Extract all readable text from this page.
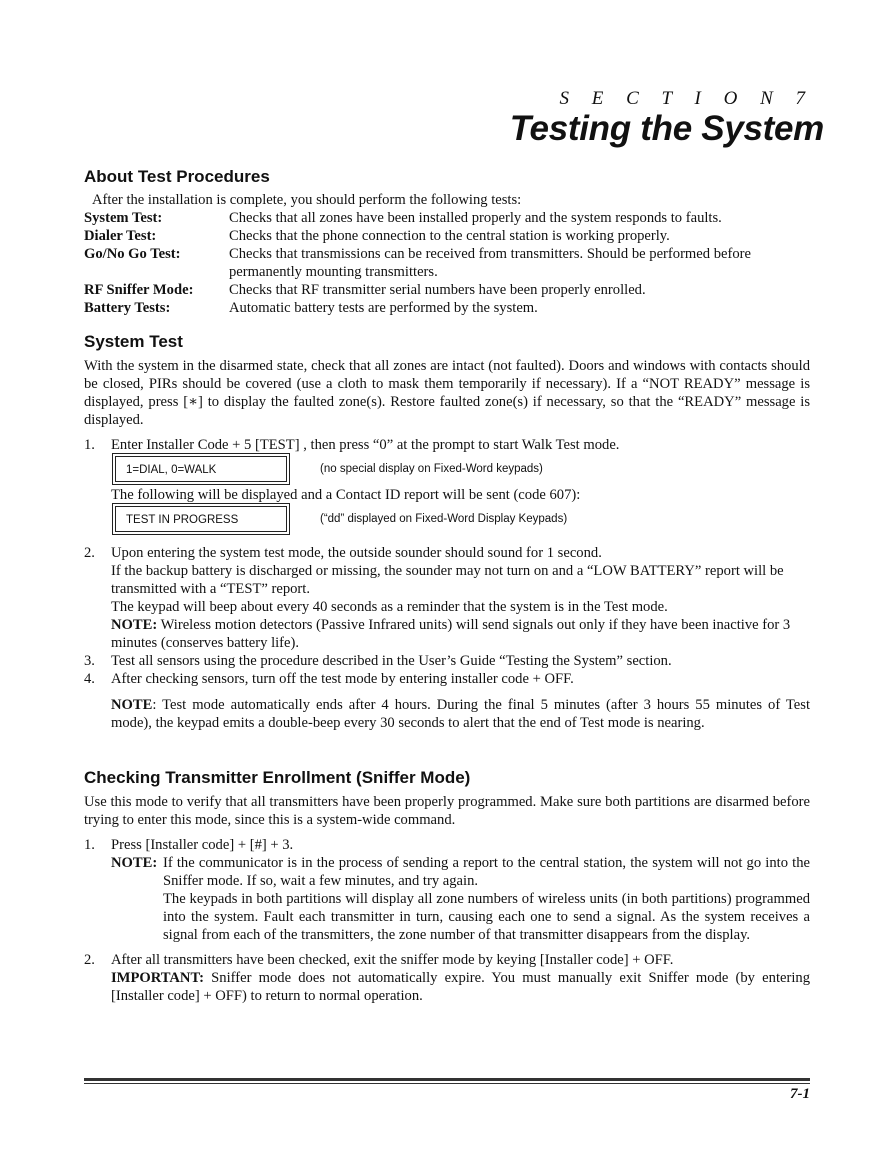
S E C T I O N 7
Testing the System
About Test Procedures

After the installation is complete, you should perform the following tests:

System Test:	Checks that all zones have been installed properly and the system responds to faults.
Dialer Test:	Checks that the phone connection to the central station is working properly.
Go/No Go Test:	Checks that transmissions can be received from transmitters. Should be performed before permanently mounting transmitters.
RF Sniffer Mode:	Checks that RF transmitter serial numbers have been properly enrolled.
Battery Tests:	Automatic battery tests are performed by the system.
System Test

With the system in the disarmed state, check that all zones are intact (not faulted). Doors and windows with contacts should be closed, PIRs should be covered (use a cloth to mask them temporarily if necessary). If a “NOT READY” message is displayed, press [∗] to display the faulted zone(s). Restore faulted zone(s) if necessary, so that the “READY” message is displayed.

1.	Enter Installer Code + 5 [TEST] , then press “0” at the prompt to start Walk Test mode.
1=DIAL, 0=WALK	(no special display on Fixed-Word keypads)
The following will be displayed and a Contact ID report will be sent (code 607):
TEST IN PROGRESS	(“dd” displayed on Fixed-Word Display Keypads)
2.	Upon entering the system test mode, the outside sounder should sound for 1 second.
If the backup battery is discharged or missing, the sounder may not turn on and a “LOW BATTERY” report will be transmitted with a “TEST” report.
The keypad will beep about every 40 seconds as a reminder that the system is in the Test mode.
NOTE: Wireless motion detectors (Passive Infrared units) will send signals out only if they have been inactive for 3 minutes (conserves battery life).
3.	Test all sensors using the procedure described in the User’s Guide “Testing the System” section.
4.	After checking sensors, turn off the test mode by entering installer code + OFF.
NOTE: Test mode automatically ends after 4 hours. During the final 5 minutes (after 3 hours 55 minutes of Test mode), the keypad emits a double-beep every 30 seconds to alert that the end of Test mode is nearing.
Checking Transmitter Enrollment (Sniffer Mode)

Use this mode to verify that all transmitters have been properly programmed. Make sure both partitions are disarmed before trying to enter this mode, since this is a system-wide command.

1.	Press [Installer code] + [#] + 3.
NOTE: If the communicator is in the process of sending a report to the central station, the system will not go into the Sniffer mode. If so, wait a few minutes, and try again.
The keypads in both partitions will display all zone numbers of wireless units (in both partitions) programmed into the system. Fault each transmitter in turn, causing each one to send a signal. As the system receives a signal from each of the transmitters, the zone number of that transmitter disappears from the display.
2.	After all transmitters have been checked, exit the sniffer mode by keying [Installer code] + OFF.
IMPORTANT: Sniffer mode does not automatically expire. You must manually exit Sniffer mode (by entering [Installer code] + OFF) to return to normal operation.
7-1
